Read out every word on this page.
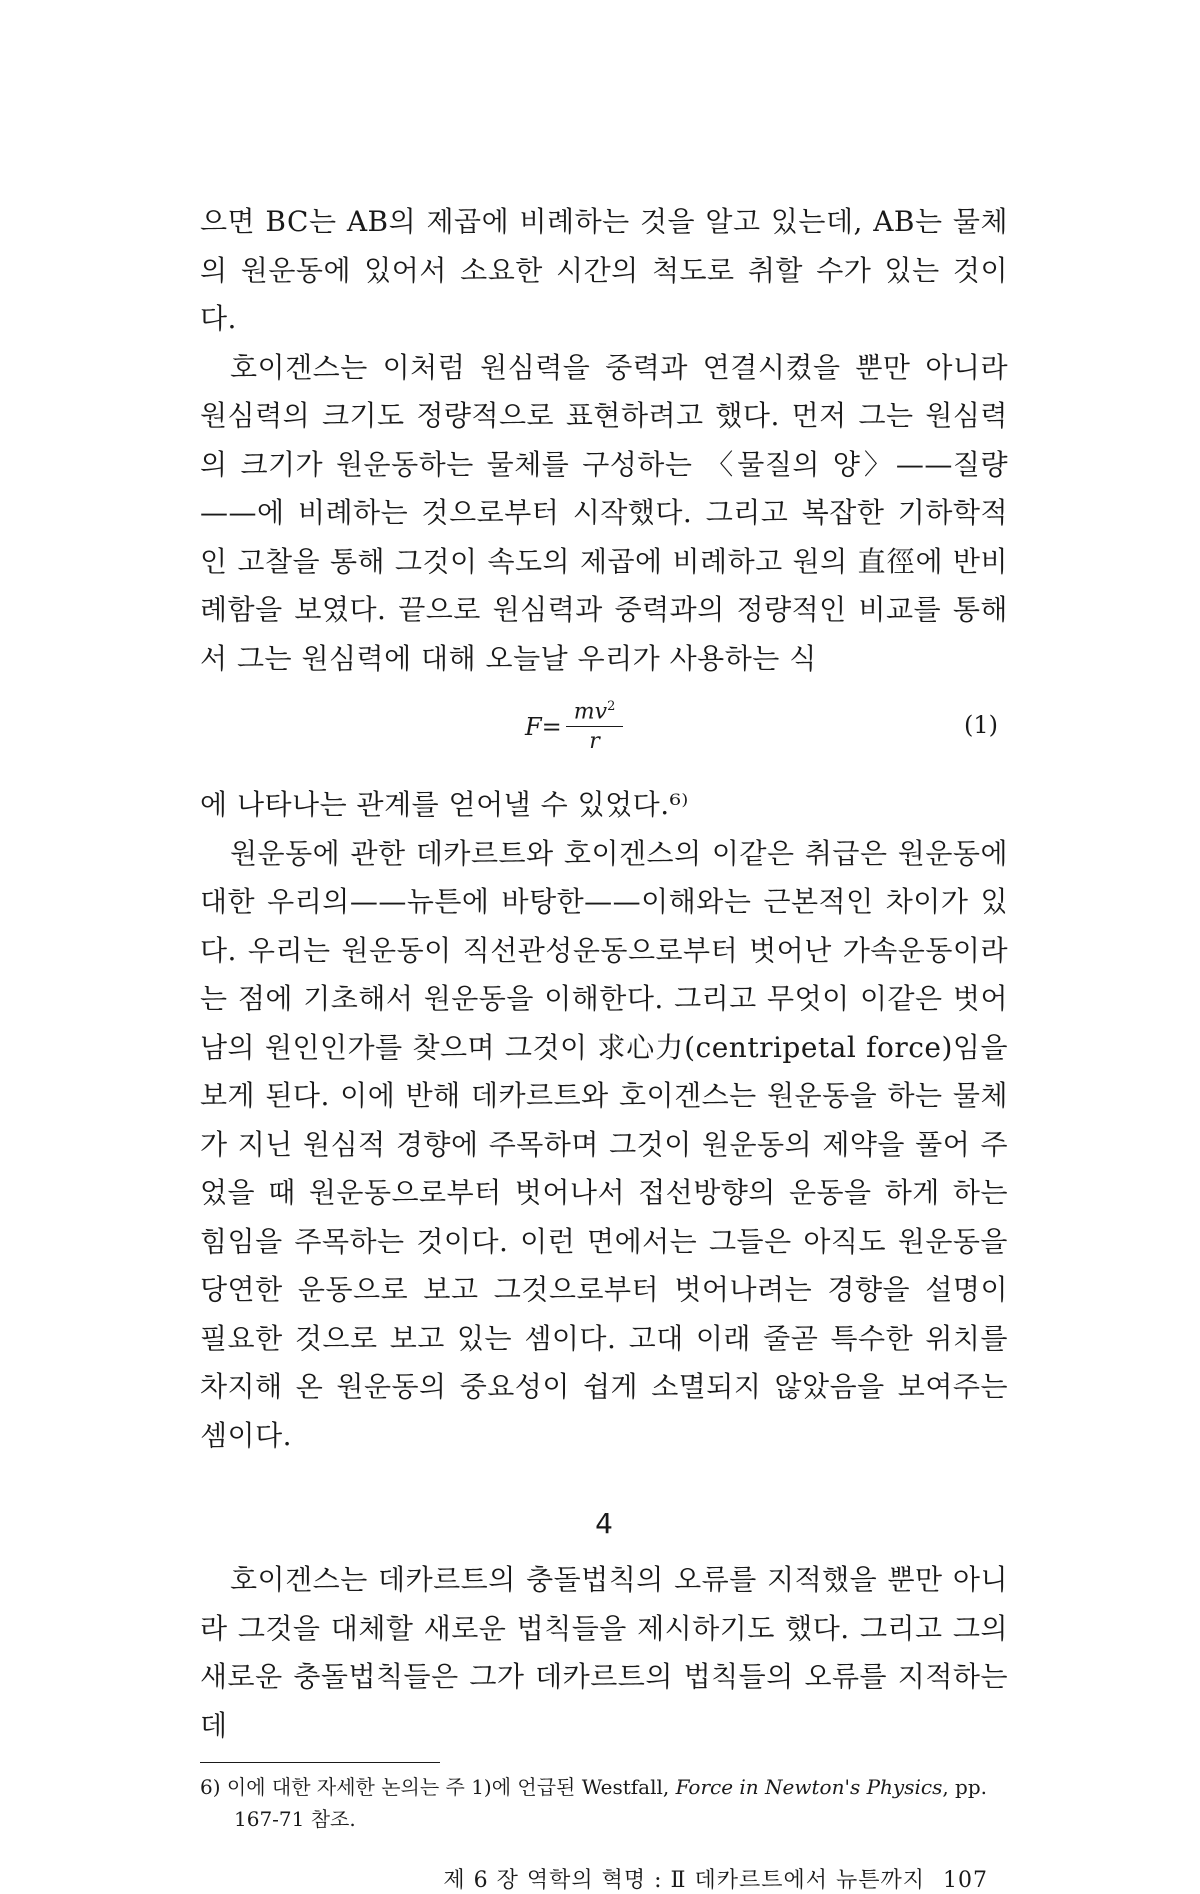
으면 BC는 AB의 제곱에 비례하는 것을 알고 있는데, AB는 물체의 원운동에 있어서 소요한 시간의 척도로 취할 수가 있는 것이다.

호이겐스는 이처럼 원심력을 중력과 연결시켰을 뿐만 아니라 원심력의 크기도 정량적으로 표현하려고 했다. 먼저 그는 원심력의 크기가 원운동하는 물체를 구성하는 〈물질의 양〉——질량——에 비례하는 것으로부터 시작했다. 그리고 복잡한 기하학적인 고찰을 통해 그것이 속도의 제곱에 비례하고 원의 直徑에 반비례함을 보였다. 끝으로 원심력과 중력과의 정량적인 비교를 통해서 그는 원심력에 대해 오늘날 우리가 사용하는 식

$F= \frac{mv^2}{r}$	(1)

에 나타나는 관계를 얻어낼 수 있었다.⁶⁾

원운동에 관한 데카르트와 호이겐스의 이같은 취급은 원운동에 대한 우리의——뉴튼에 바탕한——이해와는 근본적인 차이가 있다. 우리는 원운동이 직선관성운동으로부터 벗어난 가속운동이라는 점에 기초해서 원운동을 이해한다. 그리고 무엇이 이같은 벗어남의 원인인가를 찾으며 그것이 求心力(centripetal force)임을 보게 된다. 이에 반해 데카르트와 호이겐스는 원운동을 하는 물체가 지닌 원심적 경향에 주목하며 그것이 원운동의 제약을 풀어 주었을 때 원운동으로부터 벗어나서 접선방향의 운동을 하게 하는 힘임을 주목하는 것이다. 이런 면에서는 그들은 아직도 원운동을 당연한 운동으로 보고 그것으로부터 벗어나려는 경향을 설명이 필요한 것으로 보고 있는 셈이다. 고대 이래 줄곧 특수한 위치를 차지해 온 원운동의 중요성이 쉽게 소멸되지 않았음을 보여주는 셈이다.

4

호이겐스는 데카르트의 충돌법칙의 오류를 지적했을 뿐만 아니라 그것을 대체할 새로운 법칙들을 제시하기도 했다. 그리고 그의 새로운 충돌법칙들은 그가 데카르트의 법칙들의 오류를 지적하는 데

6) 이에 대한 자세한 논의는 주 1)에 언급된 Westfall, Force in Newton's Physics, pp. 167-71 참조.

제 6 장 역학의 혁명 : Ⅱ 데카르트에서 뉴튼까지 107
